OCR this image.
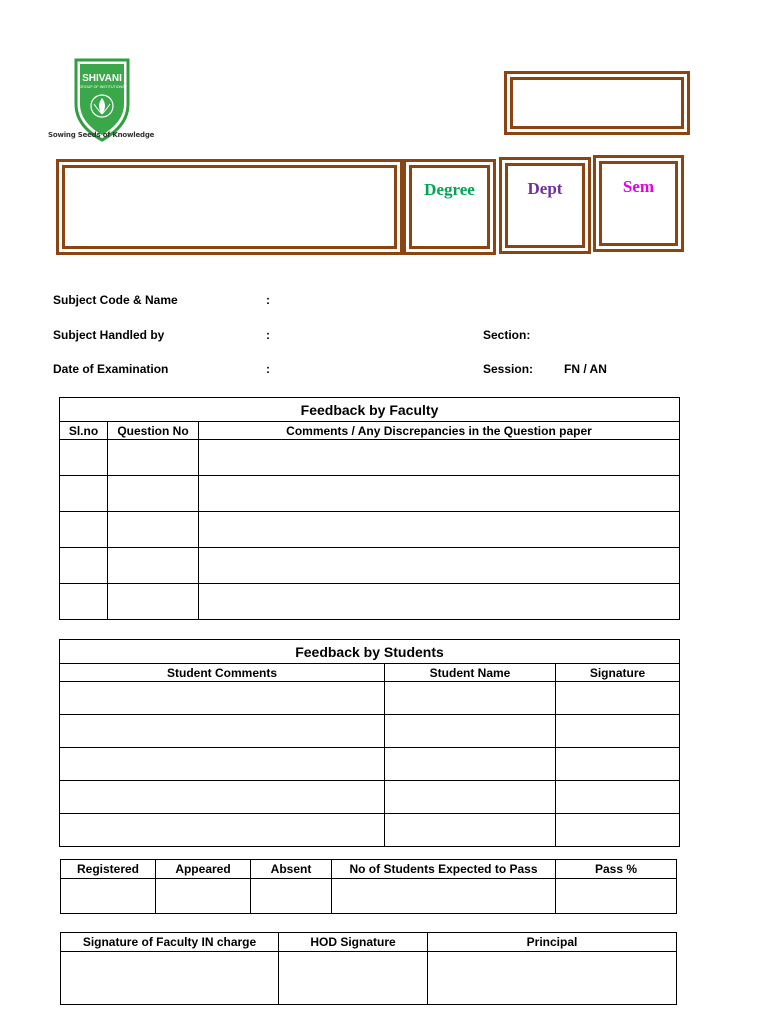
SHIVANI
GROUP OF INSTITUTIONS
Sowing Seeds of Knowledge
Degree	Dept	Sem
Subject Code & Name	:
Subject Handled by	:	Section:
Date of Examination	:	Session:	FN / AN
Feedback by Faculty		
Sl.no	Question No	Comments / Any Discrepancies in the Question paper

Feedback by Students		
Student Comments	Student Name	Signature

Registered	Appeared	Absent	No of Students Expected to Pass	Pass %

Signature of Faculty IN charge	HOD Signature	Principal
